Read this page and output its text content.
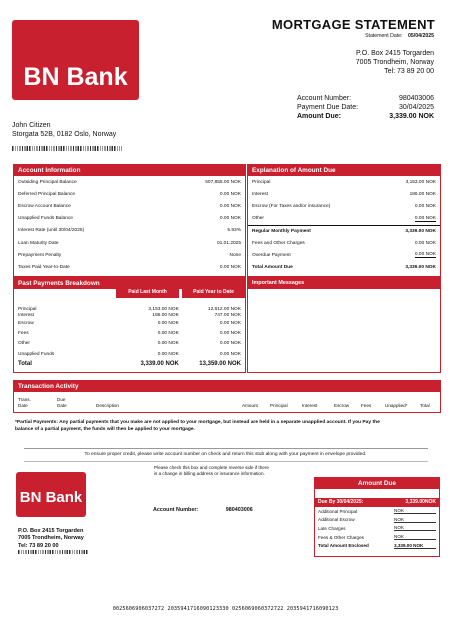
BN Bank
MORTGAGE STATEMENT
Statement Date: 05/04/2025
P.O. Box 2415 Torgarden
7005 Trondheim, Norway
Tel: 73 89 20 00
Account Number:	980403006
Payment Due Date:	30/04/2025
Amount Due:	3,339.00 NOK
John Citizen
Storgata 52B, 0182 Oslo, Norway
Account Information
Outsiding Principal Balance	507,855.00 NOK
Deferred Principal Balance	0.00 NOK
Escrow Account Balance	0.00 NOK
Unapplied Funds Balance	0.00 NOK
Interest Rate (until 30/04/2025)	5.93%
Loan Maturity Date	01.01.2025
Prepayment Penalty	None
Taxes Paid Year-to-Date	0.00 NOK
Explanation of Amount Due
Principal	3,153.00 NOK
Interest	186.00 NOK
Escrow (For Taxes and/or insurance)	0.00 NOK
Other	0.00 NOK
Regular Monthly Payment	3,339.00 NOK
Fees and Other Charges	0.00 NOK
Overdue Payment	0.00 NOK
Total Amount Due	3,339.00 NOK
Past Payments Breakdown
Paid Last Month	Paid Year to Date
Principal	3,153.00 NOK	12,612.00 NOK
Interest	186.00 NOK	747.00 NOK
Escrow	0.00 NOK	0.00 NOK
Fees	0.00 NOK	0.00 NOK
Other	0.00 NOK	0.00 NOK
Unapplied Funds	0.00 NOK	0.00 NOK
Total	3,339.00 NOK	13,359.00 NOK
Important Messages
Transaction Activity
Trans.
Date
Due
Date	Description	Amount	Principal	Interest	Escrow	Fees	Unapplied*	Total
*Partial Payments: Any partial payments that you make are not applied to your mortgage, but instead are held in a separate unapplied account. If you Pay the balance of a partial payment, the funds will then be applied to your mortgage.
To ensure proper credit, please write account number on check and return this stub along with your payment in envelope provided.
Please check this box and complete reverse side if there
is a change in billing address or insurance information.
BN Bank
P.O. Box 2415 Torgarden
7005 Trondheim, Norway
Tel: 73 89 20 00
Account Number:	980403006
Amount Due
Due By 30/04/2025:	3,339.00NOK
Additional Principal	NOK
Additional Escrow	NOK
Late Charges	NOK
Fees & Other Charges	NOK
Total Amount Enclosed	3,339.00 NOK
0025606906037272 2035941716090123330 0256069060372722 2035941716090123
